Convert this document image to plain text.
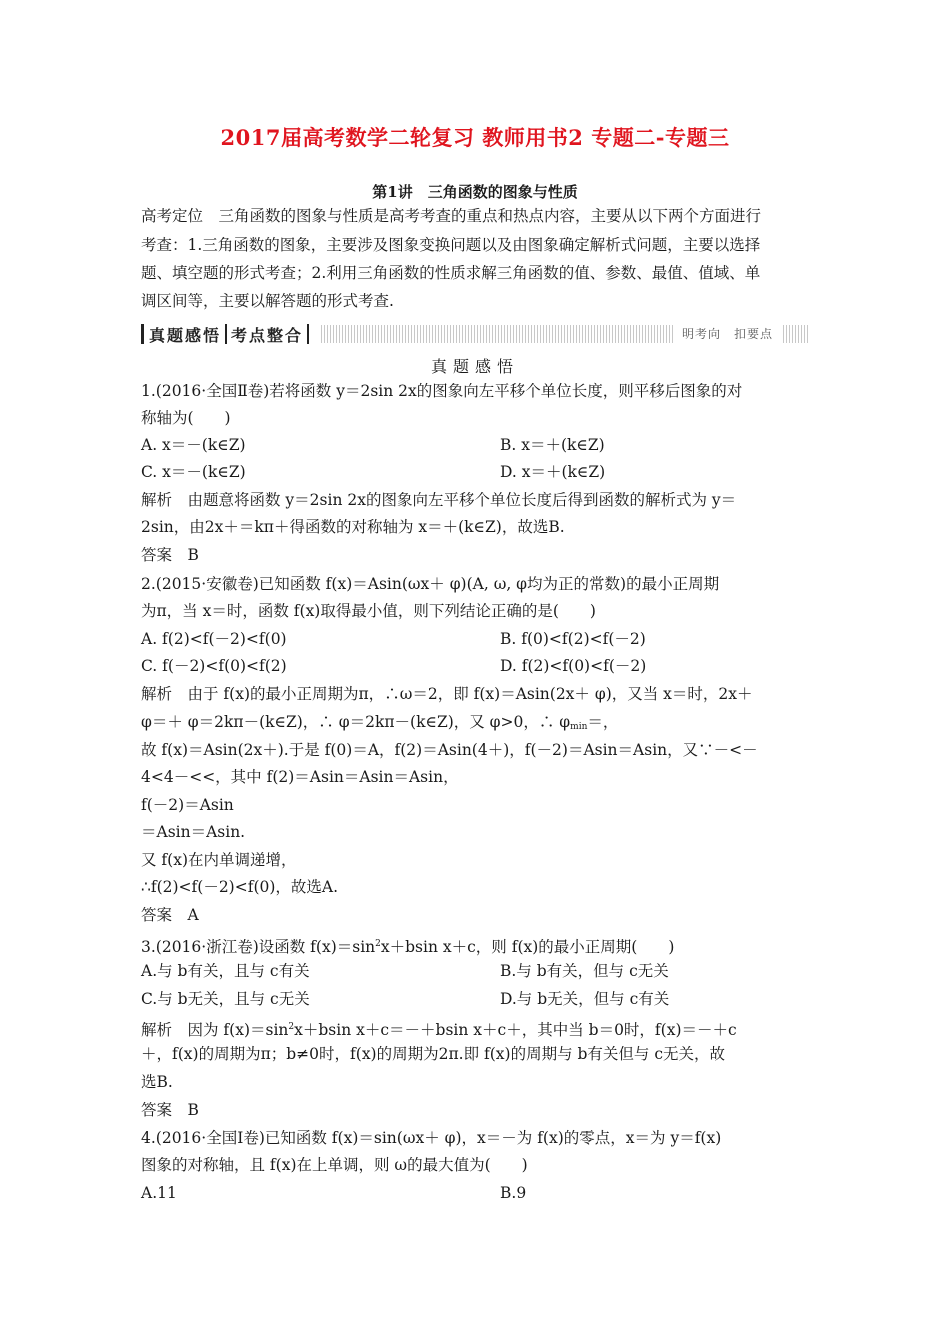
2017届高考数学二轮复习 教师用书2 专题二-专题三
第1讲　三角函数的图象与性质
高考定位　三角函数的图象与性质是高考考查的重点和热点内容，主要从以下两个方面进行
考查：1.三角函数的图象，主要涉及图象变换问题以及由图象确定解析式问题，主要以选择
题、填空题的形式考查；2.利用三角函数的性质求解三角函数的值、参数、最值、值域、单
调区间等，主要以解答题的形式考查.
真题感悟 考点整合	明考向　扣要点
真题感悟
1.(2016·全国Ⅱ卷)若将函数 y＝2sin 2x的图象向左平移个单位长度，则平移后图象的对
称轴为(　　)
A. x＝－(k∈Z)	B. x＝＋(k∈Z)
C. x＝－(k∈Z)	D. x＝＋(k∈Z)
解析　由题意将函数 y＝2sin 2x的图象向左平移个单位长度后得到函数的解析式为 y＝
2sin，由2x＋＝kπ＋得函数的对称轴为 x＝＋(k∈Z)，故选B.
答案　B
2.(2015·安徽卷)已知函数 f(x)＝Asin(ωx＋ φ)(A, ω, φ均为正的常数)的最小正周期
为π，当 x＝时，函数 f(x)取得最小值，则下列结论正确的是(　　)
A. f(2)<f(－2)<f(0)	B. f(0)<f(2)<f(－2)
C. f(－2)<f(0)<f(2)	D. f(2)<f(0)<f(－2)
解析　由于 f(x)的最小正周期为π，∴ω＝2，即 f(x)＝Asin(2x＋ φ)，又当 x＝时，2x＋
φ＝＋ φ＝2kπ－(k∈Z)，∴ φ＝2kπ－(k∈Z)，又 φ>0，∴ $\varphi_{min}=$，
故 f(x)＝Asin(2x＋).于是 f(0)＝A，f(2)＝Asin(4＋)，f(－2)＝Asin＝Asin，又∵－<－
4<4－<<，其中 f(2)＝Asin＝Asin＝Asin，
f(－2)＝Asin
＝Asin＝Asin.
又 f(x)在内单调递增，
∴f(2)<f(－2)<f(0)，故选A.
答案　A
3.(2016·浙江卷)设函数 $f(x)=\sin^2x+bsin$ x＋c，则 f(x)的最小正周期(　　)
A.与 b有关，且与 c有关	B.与 b有关，但与 c无关
C.与 b无关，且与 c无关	D.与 b无关，但与 c有关
解析　因为 $f(x)=\sin^2x+bsin$ x＋c＝－＋bsin x＋c＋，其中当 b＝0时，f(x)＝－＋c
＋，f(x)的周期为π；b≠0时，f(x)的周期为2π.即 f(x)的周期与 b有关但与 c无关，故
选B.
答案　B
4.(2016·全国Ⅰ卷)已知函数 f(x)＝sin(ωx＋ φ)，x＝－为 f(x)的零点，x＝为 y＝f(x)
图象的对称轴，且 f(x)在上单调，则 ω的最大值为(　　)
A.11	B.9
